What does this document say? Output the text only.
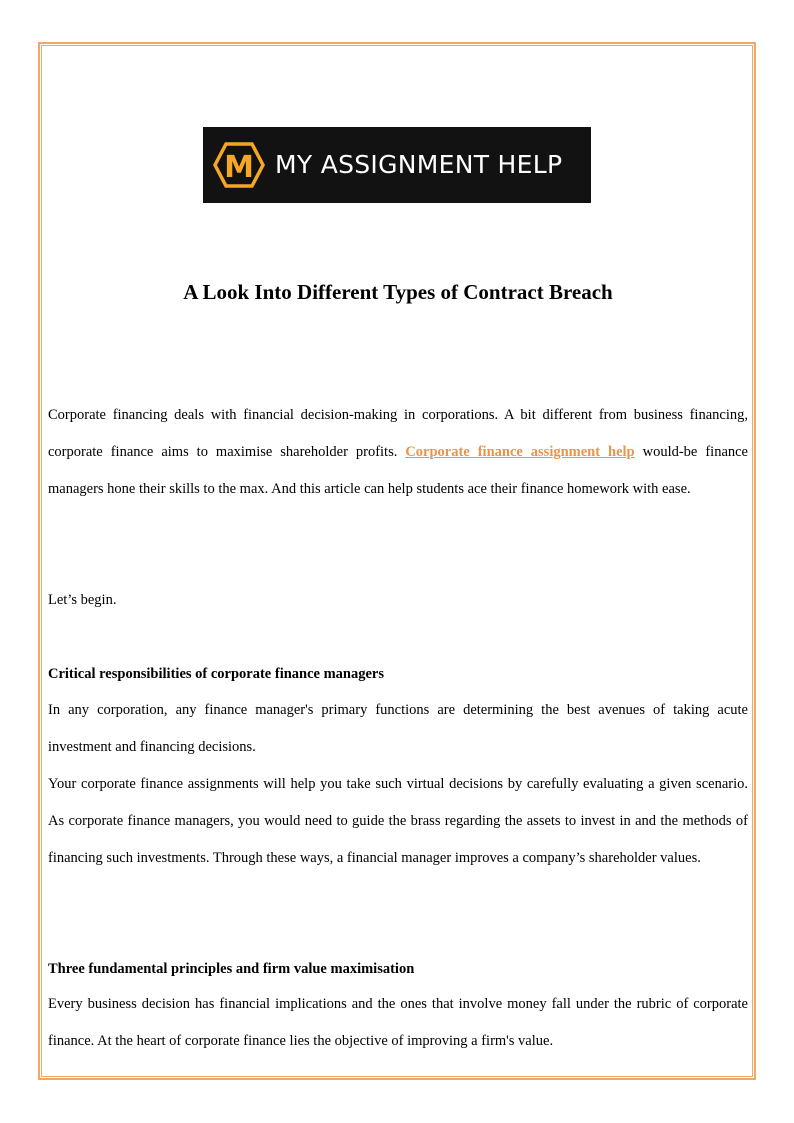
M MY ASSIGNMENT HELP
A Look Into Different Types of Contract Breach

Corporate financing deals with financial decision-making in corporations. A bit different from business financing, corporate finance aims to maximise shareholder profits. Corporate finance assignment help would-be finance managers hone their skills to the max. And this article can help students ace their finance homework with ease.

Let’s begin.

Critical responsibilities of corporate finance managers

In any corporation, any finance manager's primary functions are determining the best avenues of taking acute investment and financing decisions.

Your corporate finance assignments will help you take such virtual decisions by carefully evaluating a given scenario. As corporate finance managers, you would need to guide the brass regarding the assets to invest in and the methods of financing such investments. Through these ways, a financial manager improves a company’s shareholder values.

Three fundamental principles and firm value maximisation

Every business decision has financial implications and the ones that involve money fall under the rubric of corporate finance. At the heart of corporate finance lies the objective of improving a firm's value.
